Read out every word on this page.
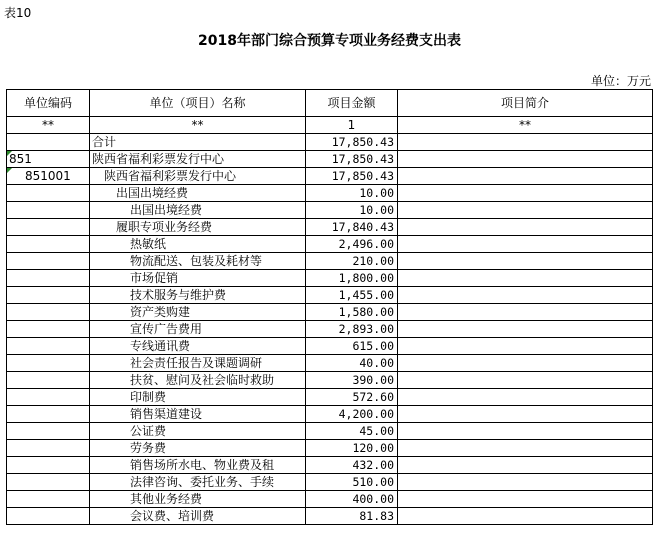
表10
2018年部门综合预算专项业务经费支出表
单位：万元
单位编码	单位（项目）名称	项目金额	项目简介
**	**	1	**
	合计	17,850.43	
851	陕西省福利彩票发行中心	17,850.43	
851001	陕西省福利彩票发行中心	17,850.43	
	出国出境经费	10.00	
	出国出境经费	10.00	
	履职专项业务经费	17,840.43	
	热敏纸	2,496.00	
	物流配送、包装及耗材等	210.00	
	市场促销	1,800.00	
	技术服务与维护费	1,455.00	
	资产类购建	1,580.00	
	宣传广告费用	2,893.00	
	专线通讯费	615.00	
	社会责任报告及课题调研	40.00	
	扶贫、慰问及社会临时救助	390.00	
	印制费	572.60	
	销售渠道建设	4,200.00	
	公证费	45.00	
	劳务费	120.00	
	销售场所水电、物业费及租	432.00	
	法律咨询、委托业务、手续	510.00	
	其他业务经费	400.00	
	会议费、培训费	81.83	
